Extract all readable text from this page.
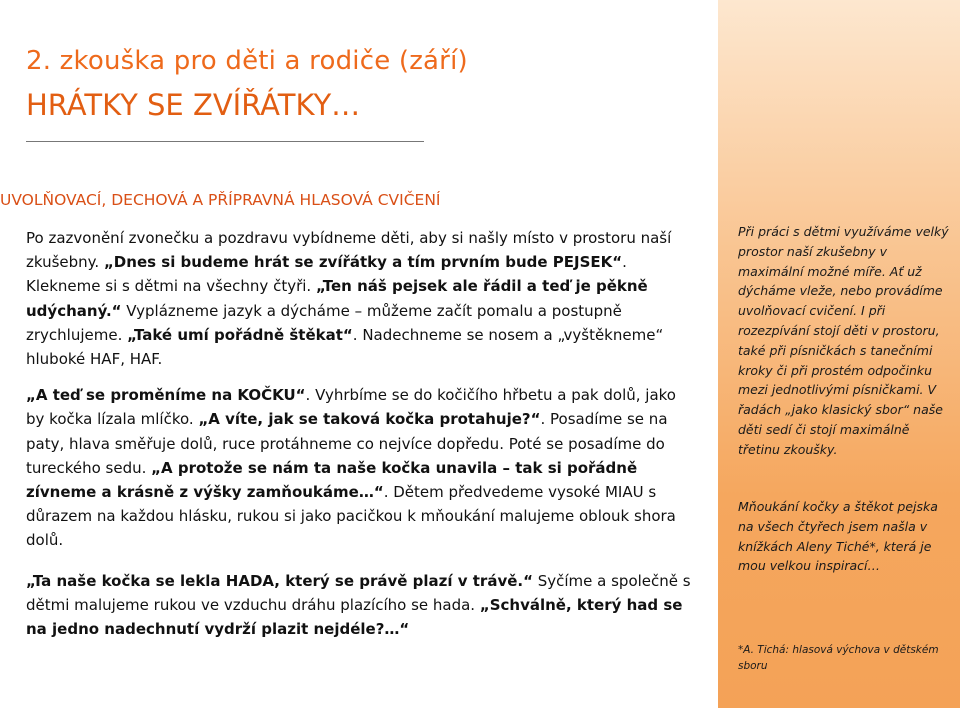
2. zkouška pro děti a rodiče (září)
HRÁTKY SE ZVÍŘÁTKY…
UVOLŇOVACÍ, DECHOVÁ A PŘÍPRAVNÁ HLASOVÁ CVIČENÍ

Po zazvonění zvonečku a pozdravu vybídneme děti, aby si našly místo v prostoru naší zkušebny. „Dnes si budeme hrát se zvířátky a tím prvním bude PEJSEK“. Klekneme si s dětmi na všechny čtyři. „Ten náš pejsek ale řádil a teď je pěkně udýchaný.“ Vyplázneme jazyk a dýcháme – můžeme začít pomalu a postupně zrychlujeme. „Také umí pořádně štěkat“. Nadechneme se nosem a „vyštěkneme“ hluboké HAF, HAF.

„A teď se proměníme na KOČKU“. Vyhrbíme se do kočičího hřbetu a pak dolů, jako by kočka lízala mlíčko. „A víte, jak se taková kočka protahuje?“. Posadíme se na paty, hlava směřuje dolů, ruce protáhneme co nejvíce dopředu. Poté se posadíme do tureckého sedu. „A protože se nám ta naše kočka unavila – tak si pořádně zívneme a krásně z výšky zamňoukáme…“. Dětem předvedeme vysoké MIAU s důrazem na každou hlásku, rukou si jako pacičkou k mňoukání malujeme oblouk shora dolů.

„Ta naše kočka se lekla HADA, který se právě plazí v trávě.“ Syčíme a společně s dětmi malujeme rukou ve vzduchu dráhu plazícího se hada. „Schválně, který had se na jedno nadechnutí vydrží plazit nejdéle?…“

Při práci s dětmi využíváme velký prostor naší zkušebny v maximální možné míře. Ať už dýcháme vleže, nebo provádíme uvolňovací cvičení. I při rozezpívání stojí děti v prostoru, také při písničkách s tanečními kroky či při prostém odpočinku mezi jednotlivými písničkami. V řadách „jako klasický sbor“ naše děti sedí či stojí maximálně třetinu zkoušky.
Mňoukání kočky a štěkot pejska na všech čtyřech jsem našla v knížkách Aleny Tiché*, která je mou velkou inspirací…
*A. Tichá: hlasová výchova v dětském sboru
